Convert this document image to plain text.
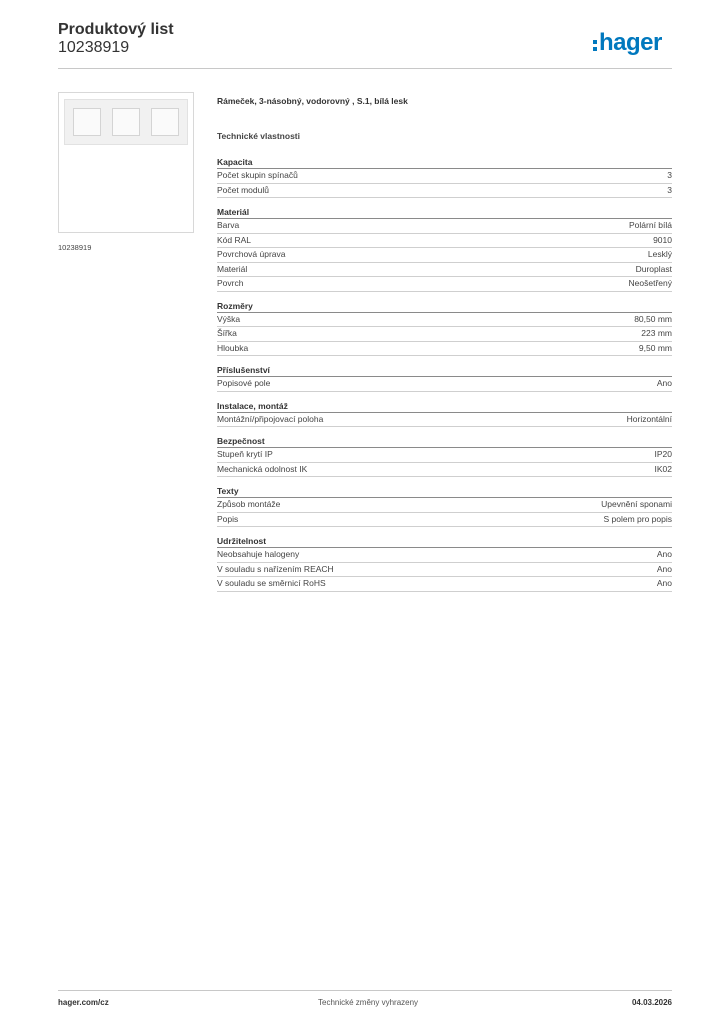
Produktový list
10238919	hager
10238919
Rámeček, 3-násobný, vodorovný , S.1, bílá lesk
Technické vlastnosti
Kapacita
Počet skupin spínačů	3
Počet modulů	3
Materiál
Barva	Polární bílá
Kód RAL	9010
Povrchová úprava	Lesklý
Materiál	Duroplast
Povrch	Neošetřený
Rozměry
Výška	80,50 mm
Šířka	223 mm
Hloubka	9,50 mm
Příslušenství
Popisové pole	Ano
Instalace, montáž
Montážní/připojovací poloha	Horizontální
Bezpečnost
Stupeň krytí IP	IP20
Mechanická odolnost IK	IK02
Texty
Způsob montáže	Upevnění sponami
Popis	S polem pro popis
Udržitelnost
Neobsahuje halogeny	Ano
V souladu s nařízením REACH	Ano
V souladu se směrnicí RoHS	Ano
hager.com/cz	Technické změny vyhrazeny	04.03.2026
